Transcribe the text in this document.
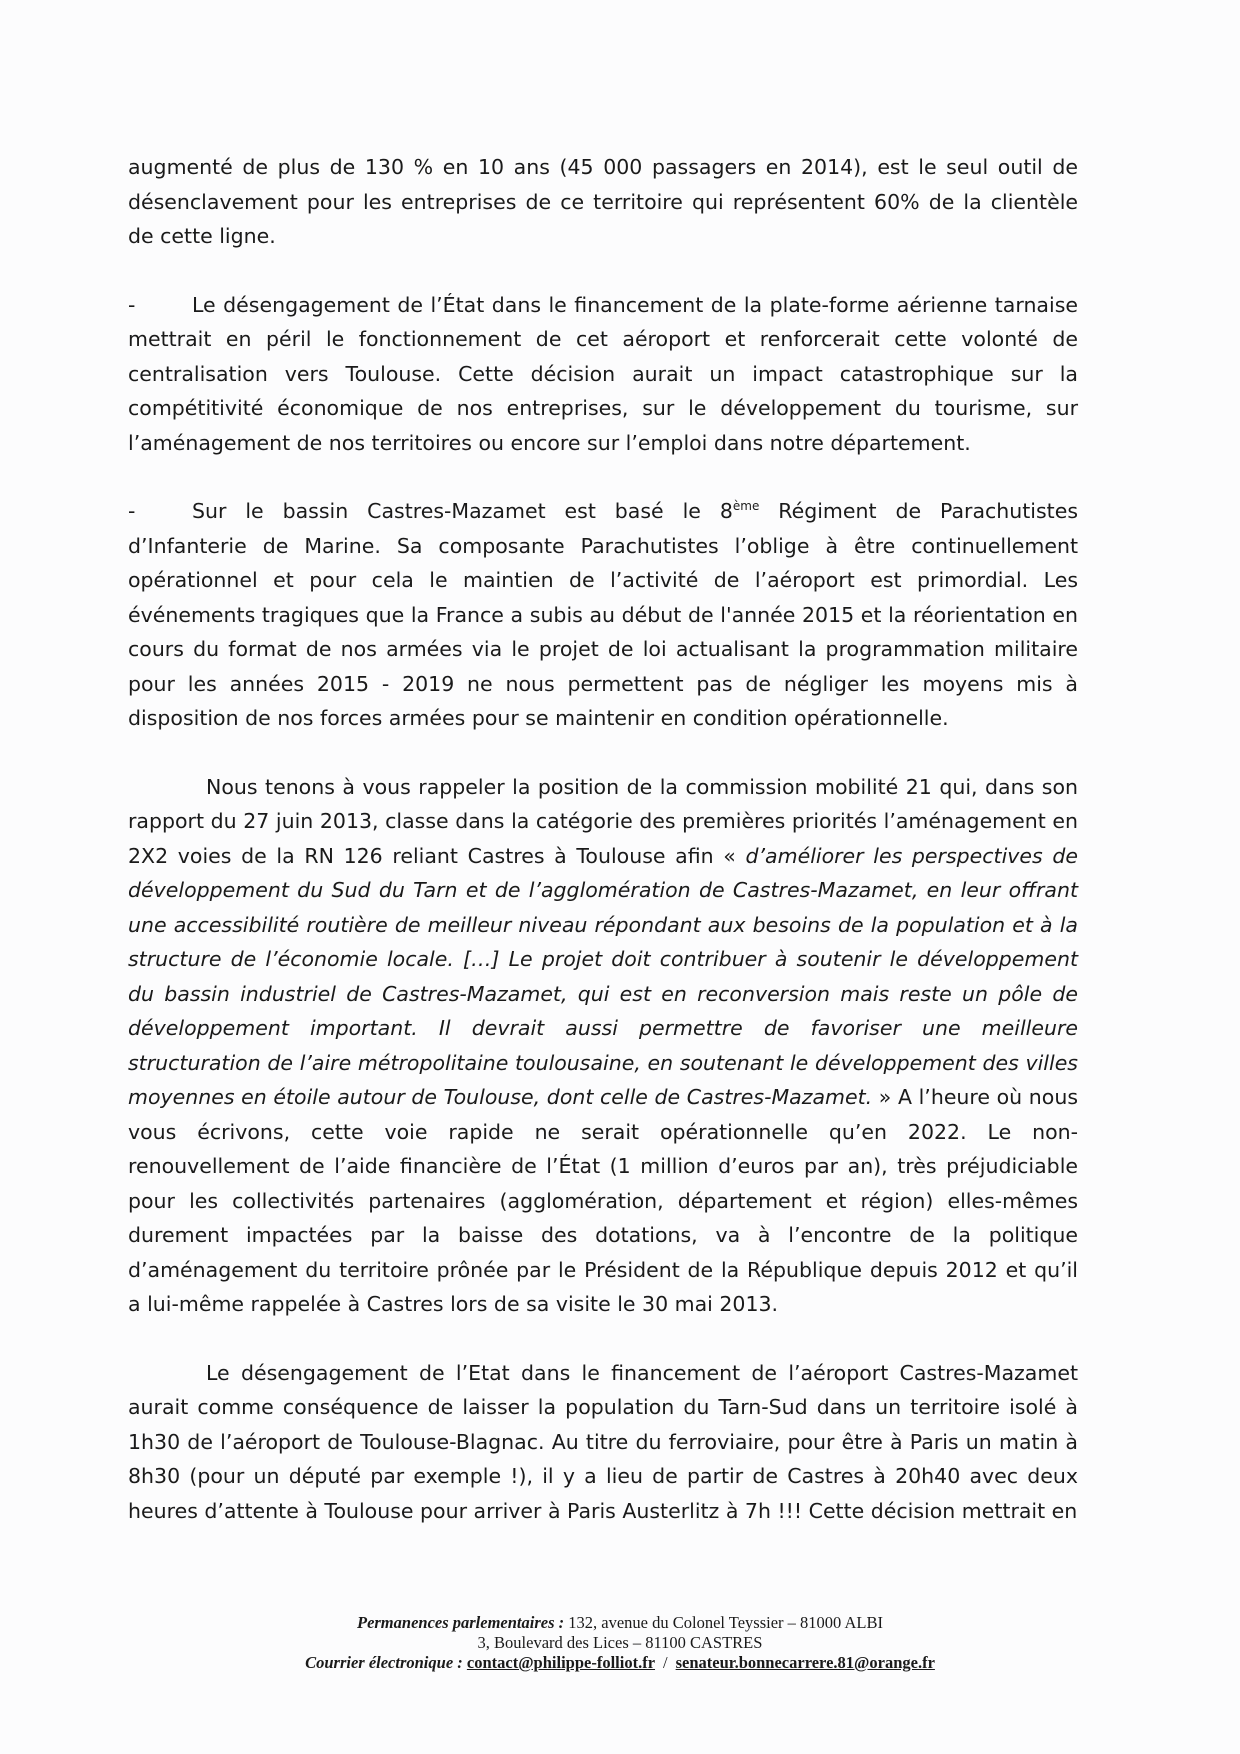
augmenté de plus de 130 % en 10 ans (45 000 passagers en 2014), est le seul outil de désenclavement pour les entreprises de ce territoire qui représentent 60% de la clientèle de cette ligne.

-	Le désengagement de l’État dans le financement de la plate-forme aérienne tarnaise mettrait en péril le fonctionnement de cet aéroport et renforcerait cette volonté de centralisation vers Toulouse. Cette décision aurait un impact catastrophique sur la compétitivité économique de nos entreprises, sur le développement du tourisme, sur l’aménagement de nos territoires ou encore sur l’emploi dans notre département.

-	Sur le bassin Castres-Mazamet est basé le 8ème Régiment de Parachutistes d’Infanterie de Marine. Sa composante Parachutistes l’oblige à être continuellement opérationnel et pour cela le maintien de l’activité de l’aéroport est primordial. Les événements tragiques que la France a subis au début de l'année 2015 et la réorientation en cours du format de nos armées via le projet de loi actualisant la programmation militaire pour les années 2015 - 2019 ne nous permettent pas de négliger les moyens mis à disposition de nos forces armées pour se maintenir en condition opérationnelle.

Nous tenons à vous rappeler la position de la commission mobilité 21 qui, dans son rapport du 27 juin 2013, classe dans la catégorie des premières priorités l’aménagement en 2X2 voies de la RN 126 reliant Castres à Toulouse afin « d’améliorer les perspectives de développement du Sud du Tarn et de l’agglomération de Castres-Mazamet, en leur offrant une accessibilité routière de meilleur niveau répondant aux besoins de la population et à la structure de l’économie locale. […] Le projet doit contribuer à soutenir le développement du bassin industriel de Castres-Mazamet, qui est en reconversion mais reste un pôle de développement important. Il devrait aussi permettre de favoriser une meilleure structuration de l’aire métropolitaine toulousaine, en soutenant le développement des villes moyennes en étoile autour de Toulouse, dont celle de Castres-Mazamet. » A l’heure où nous vous écrivons, cette voie rapide ne serait opérationnelle qu’en 2022. Le non-renouvellement de l’aide financière de l’État (1 million d’euros par an), très préjudiciable pour les collectivités partenaires (agglomération, département et région) elles-mêmes durement impactées par la baisse des dotations, va à l’encontre de la politique d’aménagement du territoire prônée par le Président de la République depuis 2012 et qu’il a lui-même rappelée à Castres lors de sa visite le 30 mai 2013.

Le désengagement de l’Etat dans le financement de l’aéroport Castres-Mazamet aurait comme conséquence de laisser la population du Tarn-Sud dans un territoire isolé à 1h30 de l’aéroport de Toulouse-Blagnac. Au titre du ferroviaire, pour être à Paris un matin à 8h30 (pour un député par exemple !), il y a lieu de partir de Castres à 20h40 avec deux heures d’attente à Toulouse pour arriver à Paris Austerlitz à 7h !!! Cette décision mettrait en

Permanences parlementaires : 132, avenue du Colonel Teyssier – 81000 ALBI
3, Boulevard des Lices – 81100 CASTRES
Courrier électronique : contact@philippe-folliot.fr / senateur.bonnecarrere.81@orange.fr
